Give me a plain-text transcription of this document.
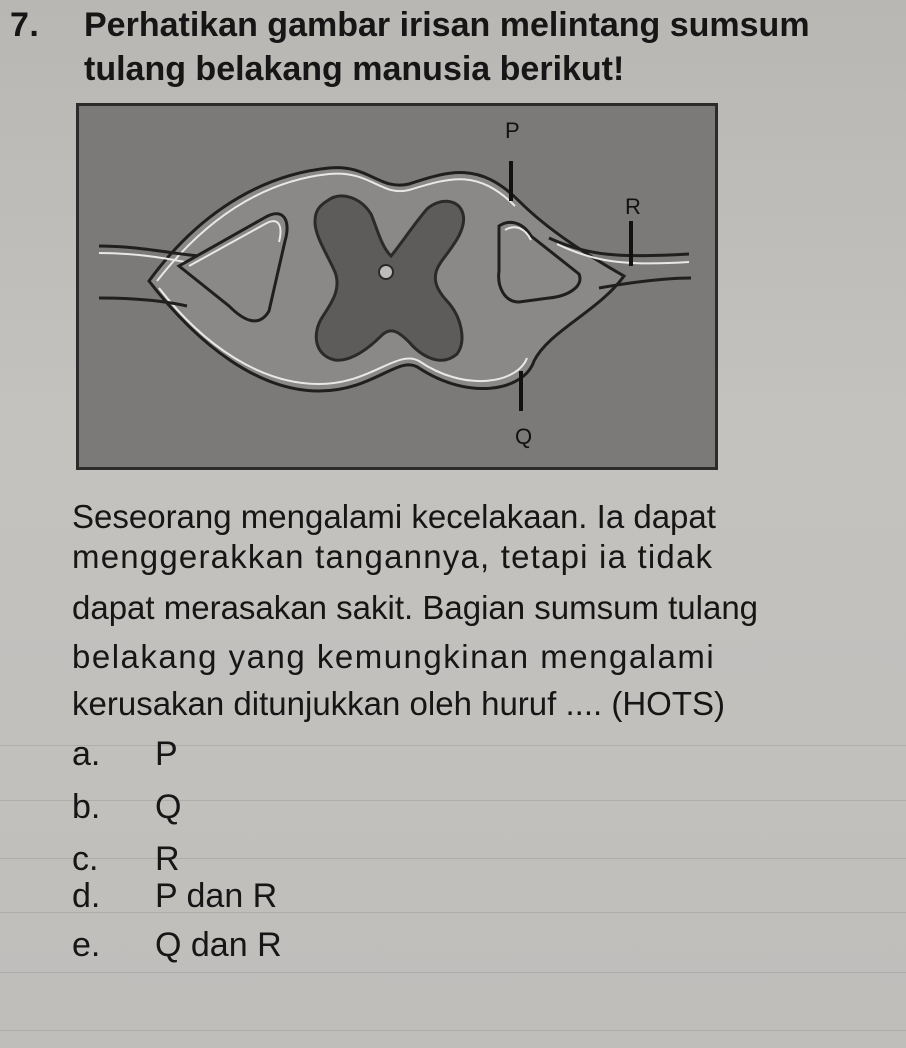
7. Perhatikan gambar irisan melintang sumsum
tulang belakang manusia berikut!
P
R
Q
Seseorang mengalami kecelakaan. Ia dapat
menggerakkan tangannya, tetapi ia tidak
dapat merasakan sakit. Bagian sumsum tulang
belakang yang kemungkinan mengalami
kerusakan ditunjukkan oleh huruf .... (HOTS)
a. P
b. Q
c. R
d. P dan R
e. Q dan R
